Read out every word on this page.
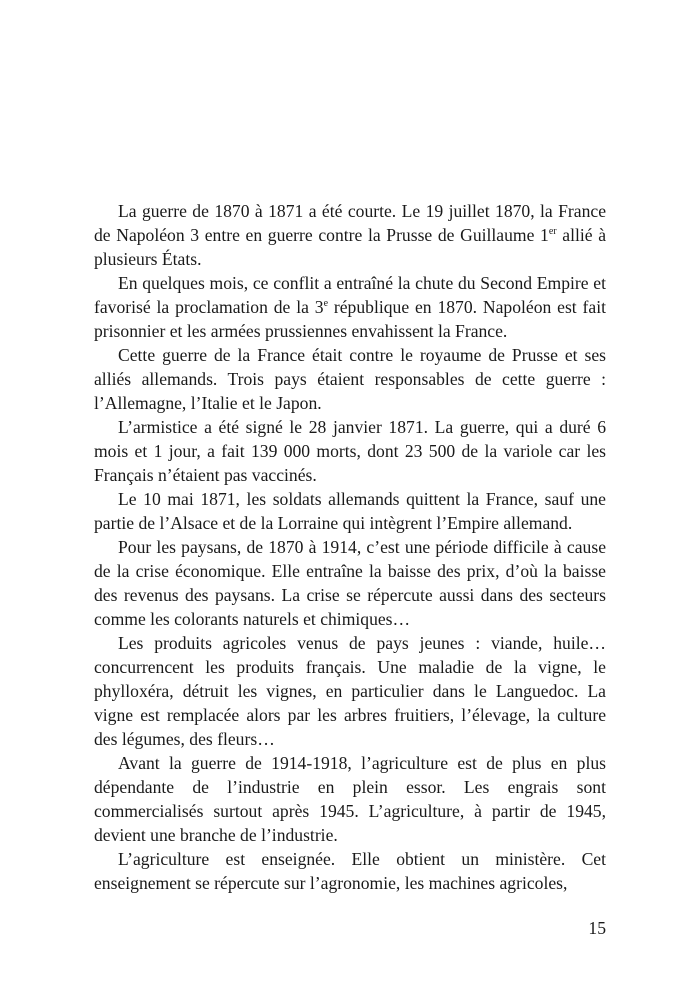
La guerre de 1870 à 1871 a été courte. Le 19 juillet 1870, la France de Napoléon 3 entre en guerre contre la Prusse de Guillaume 1er allié à plusieurs États.

En quelques mois, ce conflit a entraîné la chute du Second Empire et favorisé la proclamation de la 3e république en 1870. Napoléon est fait prisonnier et les armées prussiennes envahissent la France.

Cette guerre de la France était contre le royaume de Prusse et ses alliés allemands. Trois pays étaient responsables de cette guerre : l’Allemagne, l’Italie et le Japon.

L’armistice a été signé le 28 janvier 1871. La guerre, qui a duré 6 mois et 1 jour, a fait 139 000 morts, dont 23 500 de la variole car les Français n’étaient pas vaccinés.

Le 10 mai 1871, les soldats allemands quittent la France, sauf une partie de l’Alsace et de la Lorraine qui intègrent l’Empire allemand.

Pour les paysans, de 1870 à 1914, c’est une période difficile à cause de la crise économique. Elle entraîne la baisse des prix, d’où la baisse des revenus des paysans. La crise se répercute aussi dans des secteurs comme les colorants naturels et chimiques…

Les produits agricoles venus de pays jeunes : viande, huile… concurrencent les produits français. Une maladie de la vigne, le phylloxéra, détruit les vignes, en particulier dans le Languedoc. La vigne est remplacée alors par les arbres fruitiers, l’élevage, la culture des légumes, des fleurs…

Avant la guerre de 1914-1918, l’agriculture est de plus en plus dépendante de l’industrie en plein essor. Les engrais sont commercialisés surtout après 1945. L’agriculture, à partir de 1945, devient une branche de l’industrie.

L’agriculture est enseignée. Elle obtient un ministère. Cet enseignement se répercute sur l’agronomie, les machines agricoles,

15
